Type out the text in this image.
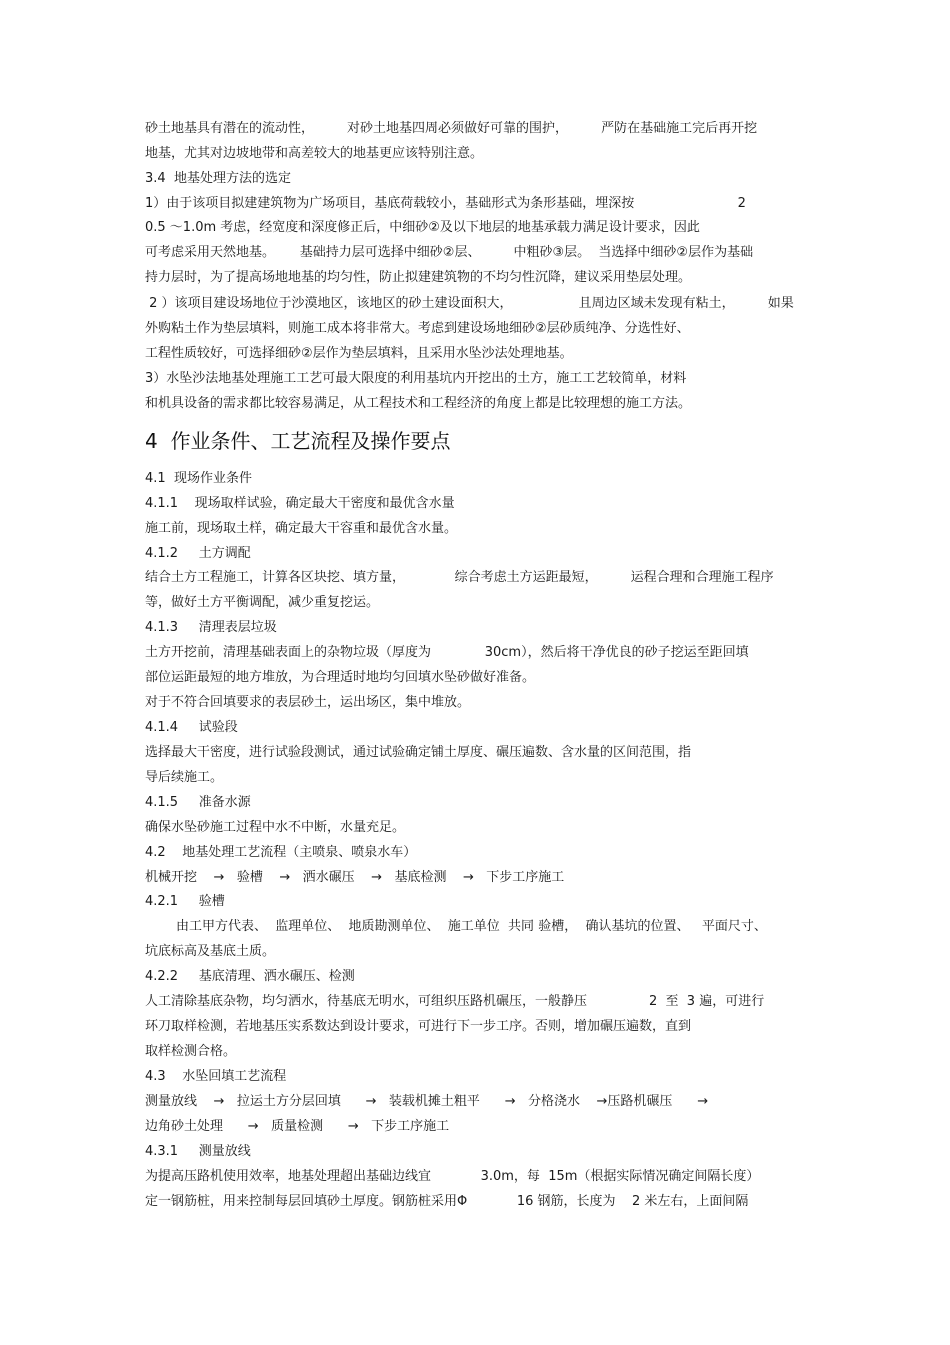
砂土地基具有潜在的流动性，        对砂土地基四周必须做好可靠的围护，        严防在基础施工完后再开挖

地基，尤其对边坡地带和高差较大的地基更应该特别注意。

3.4  地基处理方法的选定

1）由于该项目拟建建筑物为广场项目，基底荷载较小，基础形式为条形基础，埋深按                         2

0.5 ～1.0m 考虑，经宽度和深度修正后，中细砂②及以下地层的地基承载力满足设计要求，因此

可考虑采用天然地基。      基础持力层可选择中细砂②层、        中粗砂③层。  当选择中细砂②层作为基础

持力层时，为了提高场地地基的均匀性，防止拟建建筑物的不均匀性沉降，建议采用垫层处理。

2 ）该项目建设场地位于沙漠地区，该地区的砂土建设面积大，                且周边区域未发现有粘土，        如果

外购粘土作为垫层填料，则施工成本将非常大。考虑到建设场地细砂②层砂质纯净、分选性好、

工程性质较好，可选择细砂②层作为垫层填料，且采用水坠沙法处理地基。

3）水坠沙法地基处理施工工艺可最大限度的利用基坑内开挖出的土方，施工工艺较简单，材料

和机具设备的需求都比较容易满足，从工程技术和工程经济的角度上都是比较理想的施工方法。

4  作业条件、工艺流程及操作要点

4.1  现场作业条件

4.1.1    现场取样试验，确定最大干密度和最优含水量

施工前，现场取土样，确定最大干容重和最优含水量。

4.1.2     土方调配

结合土方工程施工，计算各区块挖、填方量，            综合考虑土方运距最短，        运程合理和合理施工程序

等，做好土方平衡调配，减少重复挖运。

4.1.3     清理表层垃圾

土方开挖前，清理基础表面上的杂物垃圾（厚度为             30cm），然后将干净优良的砂子挖运至距回填

部位运距最短的地方堆放，为合理适时地均匀回填水坠砂做好准备。

对于不符合回填要求的表层砂土，运出场区，集中堆放。

4.1.4     试验段

选择最大干密度，进行试验段测试，通过试验确定铺土厚度、碾压遍数、含水量的区间范围，指

导后续施工。

4.1.5     准备水源

确保水坠砂施工过程中水不中断，水量充足。

4.2    地基处理工艺流程（主喷泉、喷泉水车）

机械开挖    →   验槽    →   洒水碾压    →   基底检测    →   下步工序施工

4.2.1     验槽

由工甲方代表、  监理单位、  地质勘测单位、  施工单位  共同 验槽，  确认基坑的位置、   平面尺寸、

坑底标高及基底土质。

4.2.2     基底清理、洒水碾压、检测

人工清除基底杂物，均匀洒水，待基底无明水，可组织压路机碾压，一般静压               2  至  3 遍，可进行

环刀取样检测，若地基压实系数达到设计要求，可进行下一步工序。否则，增加碾压遍数，直到

取样检测合格。

4.3    水坠回填工艺流程

测量放线    →   拉运土方分层回填      →   装载机摊土粗平      →   分格浇水    →压路机碾压      →

边角砂土处理      →   质量检测      →   下步工序施工

4.3.1     测量放线

为提高压路机使用效率，地基处理超出基础边线宜            3.0m，每  15m（根据实际情况确定间隔长度）

定一钢筋桩，用来控制每层回填砂土厚度。钢筋桩采用Φ            16 钢筋，长度为    2 米左右，上面间隔
